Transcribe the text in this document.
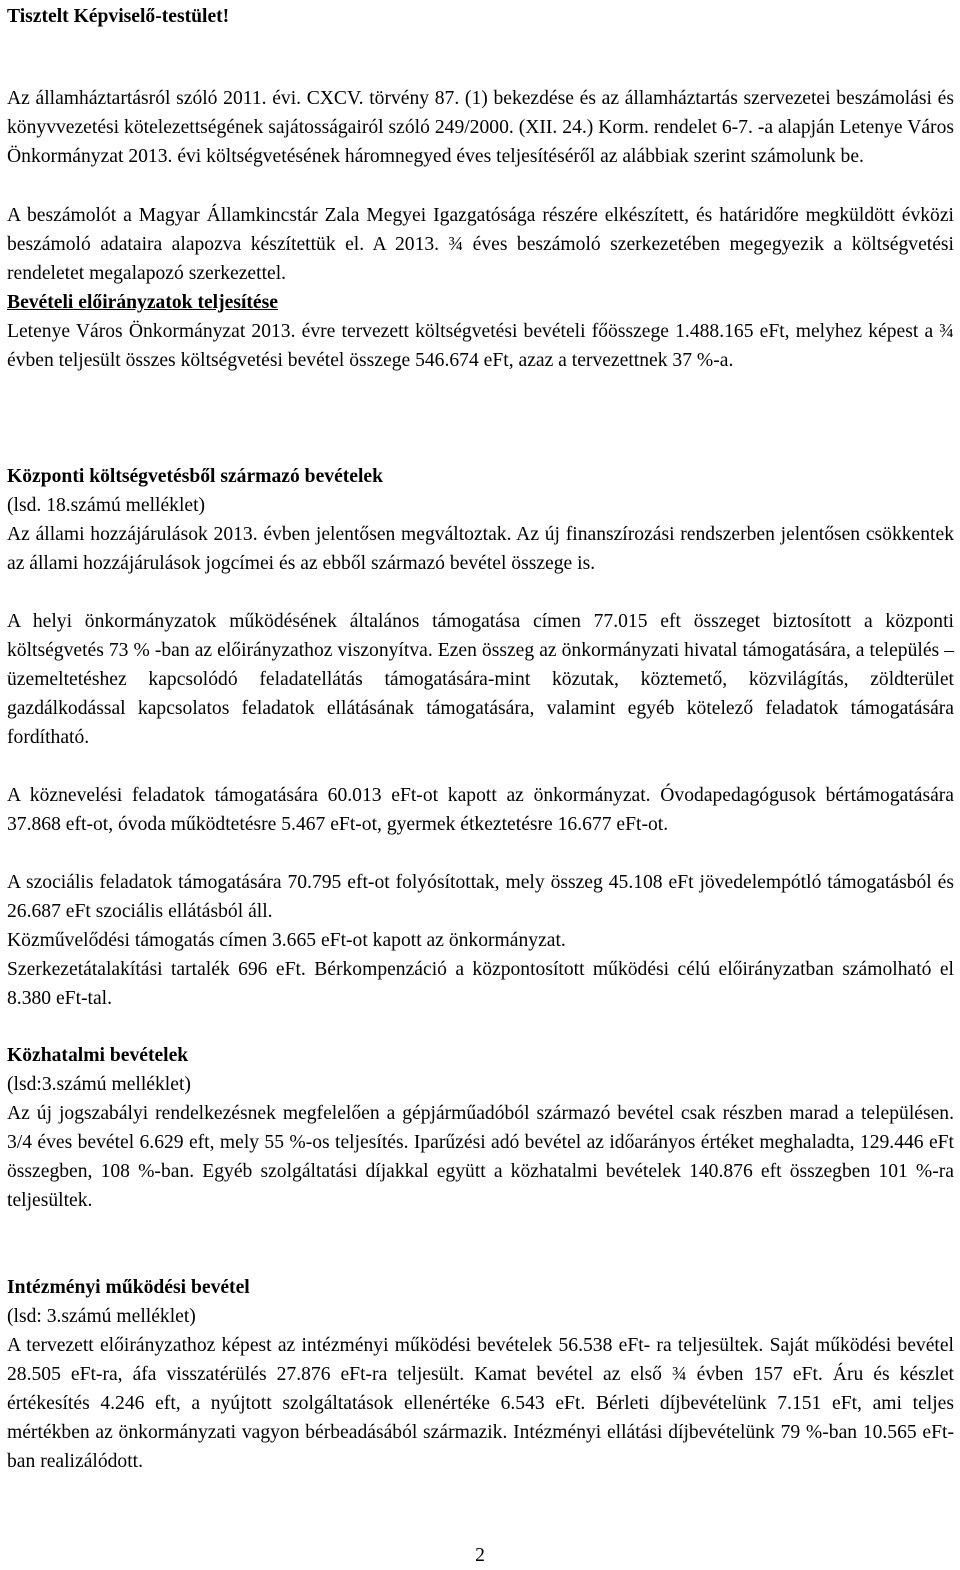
Tisztelt Képviselő-testület!

Az államháztartásról szóló 2011. évi. CXCV. törvény 87. (1) bekezdése és az államháztartás szervezetei beszámolási és könyvvezetési kötelezettségének sajátosságairól szóló 249/2000. (XII. 24.) Korm. rendelet 6-7. -a alapján Letenye Város Önkormányzat 2013. évi költségvetésének háromnegyed éves teljesítéséről az alábbiak szerint számolunk be.

A beszámolót a Magyar Államkincstár Zala Megyei Igazgatósága részére elkészített, és határidőre megküldött évközi beszámoló adataira alapozva készítettük el. A 2013. ¾ éves beszámoló szerkezetében megegyezik a költségvetési rendeletet megalapozó szerkezettel.

Bevételi előirányzatok teljesítése

Letenye Város Önkormányzat 2013. évre tervezett költségvetési bevételi főösszege 1.488.165 eFt, melyhez képest a ¾ évben teljesült összes költségvetési bevétel összege 546.674 eFt, azaz a tervezettnek 37 %-a.

Központi költségvetésből származó bevételek
(lsd. 18.számú melléklet)

Az állami hozzájárulások 2013. évben jelentősen megváltoztak. Az új finanszírozási rendszerben jelentősen csökkentek az állami hozzájárulások jogcímei és az ebből származó bevétel összege is.

A helyi önkormányzatok működésének általános támogatása címen 77.015 eft összeget biztosított a központi költségvetés 73 % -ban az előirányzathoz viszonyítva. Ezen összeg az önkormányzati hivatal támogatására, a település – üzemeltetéshez kapcsolódó feladatellátás támogatására-mint közutak, köztemető, közvilágítás, zöldterület gazdálkodással kapcsolatos feladatok ellátásának támogatására, valamint egyéb kötelező feladatok támogatására fordítható.

A köznevelési feladatok támogatására 60.013 eFt-ot kapott az önkormányzat. Óvodapedagógusok bértámogatására 37.868 eft-ot, óvoda működtetésre 5.467 eFt-ot, gyermek étkeztetésre 16.677 eFt-ot.

A szociális feladatok támogatására 70.795 eft-ot folyósítottak, mely összeg 45.108 eFt jövedelempótló támogatásból és 26.687 eFt szociális ellátásból áll.

Közművelődési támogatás címen 3.665 eFt-ot kapott az önkormányzat.

Szerkezetátalakítási tartalék 696 eFt. Bérkompenzáció a központosított működési célú előirányzatban számolható el 8.380 eFt-tal.

Közhatalmi bevételek
(lsd:3.számú melléklet)

Az új jogszabályi rendelkezésnek megfelelően a gépjárműadóból származó bevétel csak részben marad a településen. 3/4 éves bevétel 6.629 eft, mely 55 %-os teljesítés. Iparűzési adó bevétel az időarányos értéket meghaladta, 129.446 eFt összegben, 108 %-ban. Egyéb szolgáltatási díjakkal együtt a közhatalmi bevételek 140.876 eft összegben 101 %-ra teljesültek.

Intézményi működési bevétel
(lsd: 3.számú melléklet)

A tervezett előirányzathoz képest az intézményi működési bevételek 56.538 eFt- ra teljesültek. Saját működési bevétel 28.505 eFt-ra, áfa visszatérülés 27.876 eFt-ra teljesült. Kamat bevétel az első ¾ évben 157 eFt. Áru és készlet értékesítés 4.246 eft, a nyújtott szolgáltatások ellenértéke 6.543 eFt. Bérleti díjbevételünk 7.151 eFt, ami teljes mértékben az önkormányzati vagyon bérbeadásából származik. Intézményi ellátási díjbevételünk 79 %-ban 10.565 eFt-ban realizálódott.

2
